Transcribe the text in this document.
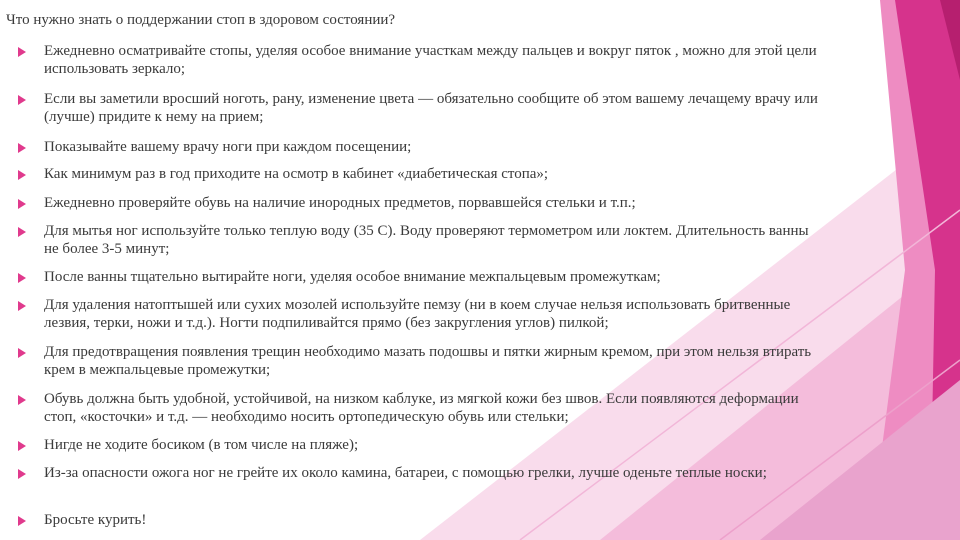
Что нужно знать о поддержании стоп в здоровом состоянии?
Ежедневно осматривайте стопы, уделяя особое внимание участкам между пальцев и вокруг пяток , можно для этой цели использовать зеркало;
Если вы заметили вросший ноготь, рану, изменение цвета — обязательно сообщите об этом вашему лечащему врачу или (лучше) придите к нему на прием;
Показывайте вашему врачу ноги при каждом посещении;
Как минимум раз в год приходите на осмотр в кабинет «диабетическая стопа»;
Ежедневно проверяйте обувь на наличие инородных предметов, порвавшейся стельки и т.п.;
Для мытья ног используйте только теплую воду (35 С). Воду проверяют термометром или локтем. Длительность ванны не более 3-5 минут;
После ванны тщательно вытирайте ноги, уделяя особое внимание межпальцевым промежуткам;
Для удаления натоптышей или сухих мозолей используйте пемзу (ни в коем случае нельзя использовать бритвенные лезвия, терки, ножи и т.д.). Ногти подпиливайтся прямо (без закругления углов) пилкой;
Для предотвращения появления трещин необходимо мазать подошвы и пятки жирным кремом, при этом нельзя втирать крем в межпальцевые промежутки;
Обувь должна быть удобной, устойчивой, на низком каблуке, из мягкой кожи без швов. Если появляются деформации стоп, «косточки» и т.д. — необходимо носить ортопедическую обувь или стельки;
Нигде не ходите босиком (в том числе на пляже);
Из-за опасности ожога ног не грейте их около камина, батареи, с помощью грелки, лучше оденьте теплые носки;
Бросьте курить!
